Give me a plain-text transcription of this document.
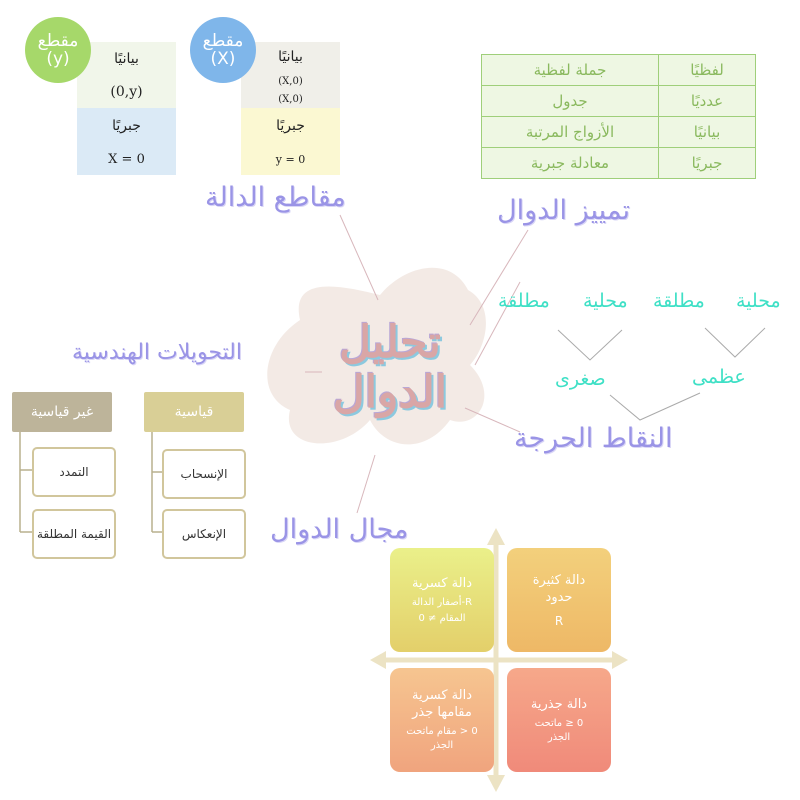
تحليل
الدوال
مقاطع الدالة
بيانيًا
(0,y)
جبريًا
X = 0
مقطع
(y)	بيانيًا
(X,0)
(X,0)
جبريًا
y = 0
مقطع
(X)
جملة لفظية	لفظيًا
جدول	عدديًا
الأزواج المرتبة	بيانيًا
معادلة جبرية	جبريًا
تمييز الدوال
مطلقة محلية مطلقة محلية
صغرى	عظمى
النقاط الحرجة
التحويلات الهندسية
غير قياسية
التمدد
القيمة المطلقة
قياسية
الإنسحاب
الإنعكاس	مجال الدوال
دالة كسرية
R-أصفار الدالة
المقام ≠ 0
دالة كثيرة حدود
R
دالة كسرية مقامها جذر
0 < مقام ماتحت الجذر
دالة جذرية
0 ≤ ماتحت الجذر
